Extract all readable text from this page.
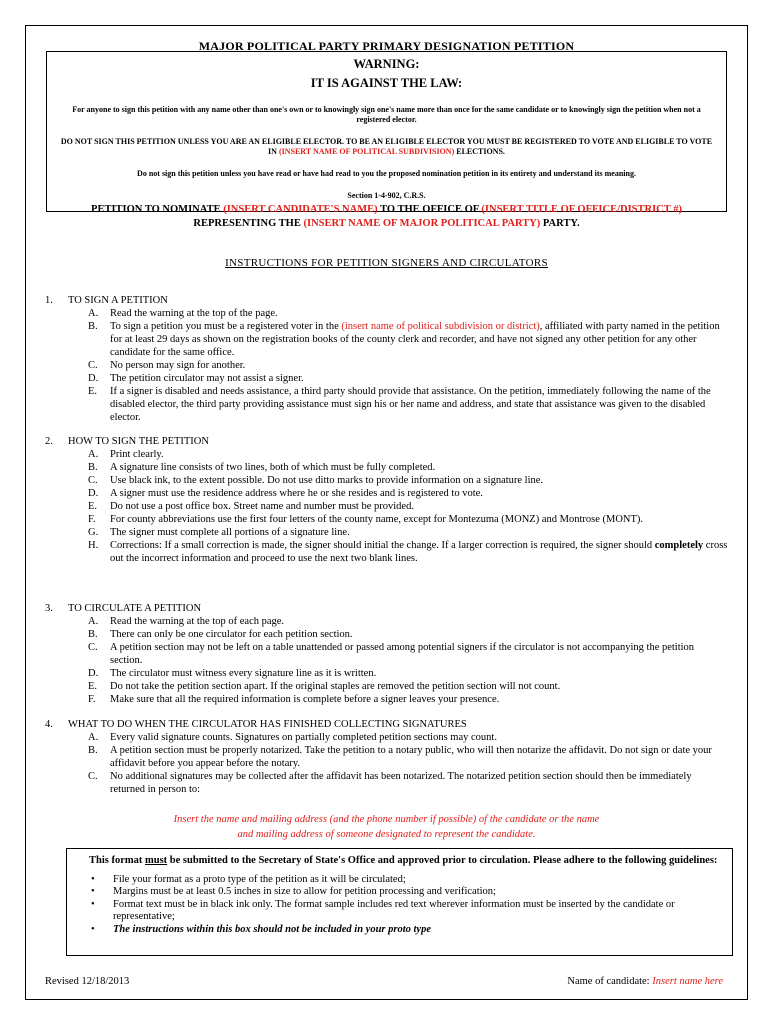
MAJOR POLITICAL PARTY PRIMARY DESIGNATION PETITION
WARNING:
IT IS AGAINST THE LAW:
For anyone to sign this petition with any name other than one's own or to knowingly sign one's name more than once for the same candidate or to knowingly sign the petition when not a registered elector.
DO NOT SIGN THIS PETITION UNLESS YOU ARE AN ELIGIBLE ELECTOR. TO BE AN ELIGIBLE ELECTOR YOU MUST BE REGISTERED TO VOTE AND ELIGIBLE TO VOTE IN (INSERT NAME OF POLITICAL SUBDIVISION) ELECTIONS.
Do not sign this petition unless you have read or have had read to you the proposed nomination petition in its entirety and understand its meaning.
Section 1-4-902, C.R.S.
PETITION TO NOMINATE (INSERT CANDIDATE'S NAME) TO THE OFFICE OF (INSERT TITLE OF OFFICE/DISTRICT #) REPRESENTING THE (INSERT NAME OF MAJOR POLITICAL PARTY) PARTY.
INSTRUCTIONS FOR PETITION SIGNERS AND CIRCULATORS
1. TO SIGN A PETITION
A. Read the warning at the top of the page.
B. To sign a petition you must be a registered voter in the (insert name of political subdivision or district), affiliated with party named in the petition for at least 29 days as shown on the registration books of the county clerk and recorder, and have not signed any other petition for any other candidate for the same office.
C. No person may sign for another.
D. The petition circulator may not assist a signer.
E. If a signer is disabled and needs assistance, a third party should provide that assistance. On the petition, immediately following the name of the disabled elector, the third party providing assistance must sign his or her name and address, and state that assistance was given to the disabled elector.
2. HOW TO SIGN THE PETITION
A. Print clearly.
B. A signature line consists of two lines, both of which must be fully completed.
C. Use black ink, to the extent possible. Do not use ditto marks to provide information on a signature line.
D. A signer must use the residence address where he or she resides and is registered to vote.
E. Do not use a post office box. Street name and number must be provided.
F. For county abbreviations use the first four letters of the county name, except for Montezuma (MONZ) and Montrose (MONT).
G. The signer must complete all portions of a signature line.
H. Corrections: If a small correction is made, the signer should initial the change. If a larger correction is required, the signer should completely cross out the incorrect information and proceed to use the next two blank lines.
3. TO CIRCULATE A PETITION
A. Read the warning at the top of each page.
B. There can only be one circulator for each petition section.
C. A petition section may not be left on a table unattended or passed among potential signers if the circulator is not accompanying the petition section.
D. The circulator must witness every signature line as it is written.
E. Do not take the petition section apart. If the original staples are removed the petition section will not count.
F. Make sure that all the required information is complete before a signer leaves your presence.
4. WHAT TO DO WHEN THE CIRCULATOR HAS FINISHED COLLECTING SIGNATURES
A. Every valid signature counts. Signatures on partially completed petition sections may count.
B. A petition section must be properly notarized. Take the petition to a notary public, who will then notarize the affidavit. Do not sign or date your affidavit before you appear before the notary.
C. No additional signatures may be collected after the affidavit has been notarized. The notarized petition section should then be immediately returned in person to:
Insert the name and mailing address (and the phone number if possible) of the candidate or the name
and mailing address of someone designated to represent the candidate.
This format must be submitted to the Secretary of State's Office and approved prior to circulation. Please adhere to the following guidelines:
• File your format as a proto type of the petition as it will be circulated;
• Margins must be at least 0.5 inches in size to allow for petition processing and verification;
• Format text must be in black ink only. The format sample includes red text wherever information must be inserted by the candidate or representative;
• The instructions within this box should not be included in your proto type
Revised 12/18/2013	Name of candidate: Insert name here
